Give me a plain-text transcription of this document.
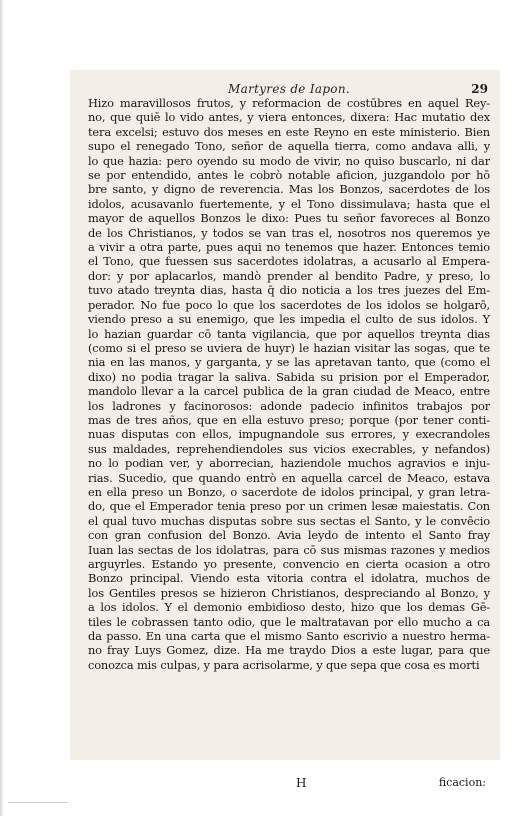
Martyres de Iapon.	29
Hizo maravillosos frutos, y reformacion de costūbres en aquel Rey-
no, que quiē lo vido antes, y viera entonces, dixera: Hac mutatio dex
tera excelsi; estuvo dos meses en este Reyno en este ministerio. Bien
supo el renegado Tono, señor de aquella tierra, como andava alli, y
lo que hazia: pero oyendo su modo de vivir, no quiso buscarlo, ni dar
se por entendido, antes le cobrò notable aficion, juzgandolo por hō
bre santo, y digno de reverencia. Mas los Bonzos, sacerdotes de los
idolos, acusavanlo fuertemente, y el Tono dissimulava; hasta que el
mayor de aquellos Bonzos le dixo: Pues tu señor favoreces al Bonzo
de los Christianos, y todos se van tras el, nosotros nos queremos ye
a vivir a otra parte, pues aqui no tenemos que hazer. Entonces temio
el Tono, que fuessen sus sacerdotes idolatras, a acusarlo al Empera-
dor: y por aplacarlos, mandò prender al bendito Padre, y preso, lo
tuvo atado treynta dias, hasta q̄ dio noticia a los tres juezes del Em-
perador. No fue poco lo que los sacerdotes de los idolos se holgarō,
viendo preso a su enemigo, que les impedia el culto de sus idolos. Y
lo hazian guardar cō tanta vigilancia, que por aquellos treynta dias
(como si el preso se uviera de huyr) le hazian visitar las sogas, que te
nia en las manos, y garganta, y se las apretavan tanto, que (como el
dixo) no podia tragar la saliva. Sabida su prision por el Emperador,
mandolo llevar a la carcel publica de la gran ciudad de Meaco, entre
los ladrones y facinorosos: adonde padecio infinitos trabajos por
mas de tres años, que en ella estuvo preso; porque (por tener conti-
nuas disputas con ellos, impugnandole sus errores, y execrandoles
sus maldades, reprehendiendoles sus vicios execrables, y nefandos)
no lo podian ver, y aborrecian, haziendole muchos agravios e inju-
rias. Sucedio, que quando entrò en aquella carcel de Meaco, estava
en ella preso un Bonzo, o sacerdote de idolos principal, y gran letra-
do, que el Emperador tenia preso por un crimen lesæ maiestatis. Con
el qual tuvo muchas disputas sobre sus sectas el Santo, y le convēcio
con gran confusion del Bonzo. Avia leydo de intento el Santo fray
Iuan las sectas de los idolatras, para cō sus mismas razones y medios
arguyrles. Estando yo presente, convencio en cierta ocasion a otro
Bonzo principal. Viendo esta vitoria contra el idolatra, muchos de
los Gentiles presos se hizieron Christianos, despreciando al Bonzo, y
a los idolos. Y el demonio embidioso desto, hizo que los demas Gē-
tiles le cobrassen tanto odio, que le maltratavan por ello mucho a ca
da passo. En una carta que el mismo Santo escrivio a nuestro herma-
no fray Luys Gomez, dize. Ha me traydo Dios a este lugar, para que
conozca mis culpas, y para acrisolarme, y que sepa que cosa es morti
H	ficacion:
